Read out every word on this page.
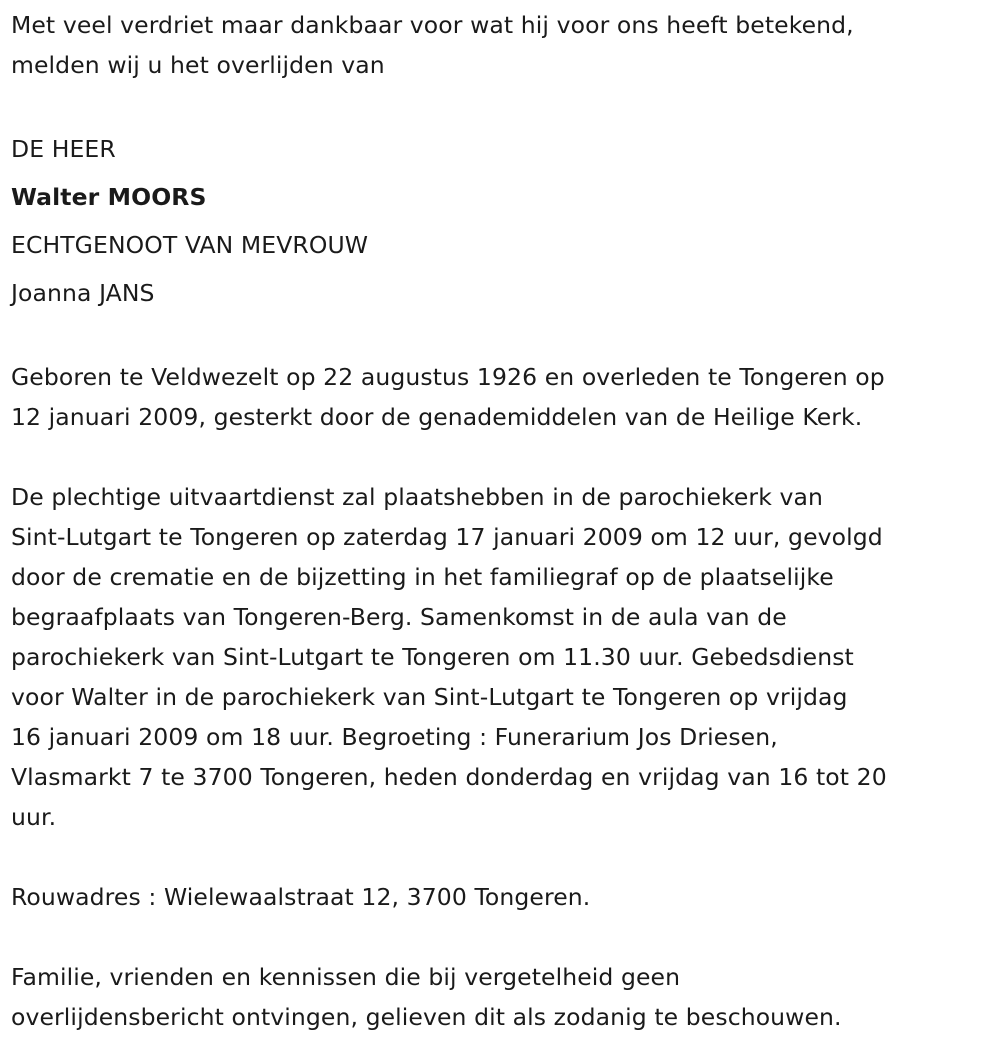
Met veel verdriet maar dankbaar voor wat hij voor ons heeft betekend,

melden wij u het overlijden van

DE HEER

Walter MOORS

ECHTGENOOT VAN MEVROUW

Joanna JANS

Geboren te Veldwezelt op 22 augustus 1926 en overleden te Tongeren op

12 januari 2009, gesterkt door de genademiddelen van de Heilige Kerk.

De plechtige uitvaartdienst zal plaatshebben in de parochiekerk van

Sint-Lutgart te Tongeren op zaterdag 17 januari 2009 om 12 uur, gevolgd

door de crematie en de bijzetting in het familiegraf op de plaatselijke

begraafplaats van Tongeren-Berg. Samenkomst in de aula van de

parochiekerk van Sint-Lutgart te Tongeren om 11.30 uur. Gebedsdienst

voor Walter in de parochiekerk van Sint-Lutgart te Tongeren op vrijdag

16 januari 2009 om 18 uur. Begroeting : Funerarium Jos Driesen,

Vlasmarkt 7 te 3700 Tongeren, heden donderdag en vrijdag van 16 tot 20

uur.

Rouwadres : Wielewaalstraat 12, 3700 Tongeren.

Familie, vrienden en kennissen die bij vergetelheid geen

overlijdensbericht ontvingen, gelieven dit als zodanig te beschouwen.
